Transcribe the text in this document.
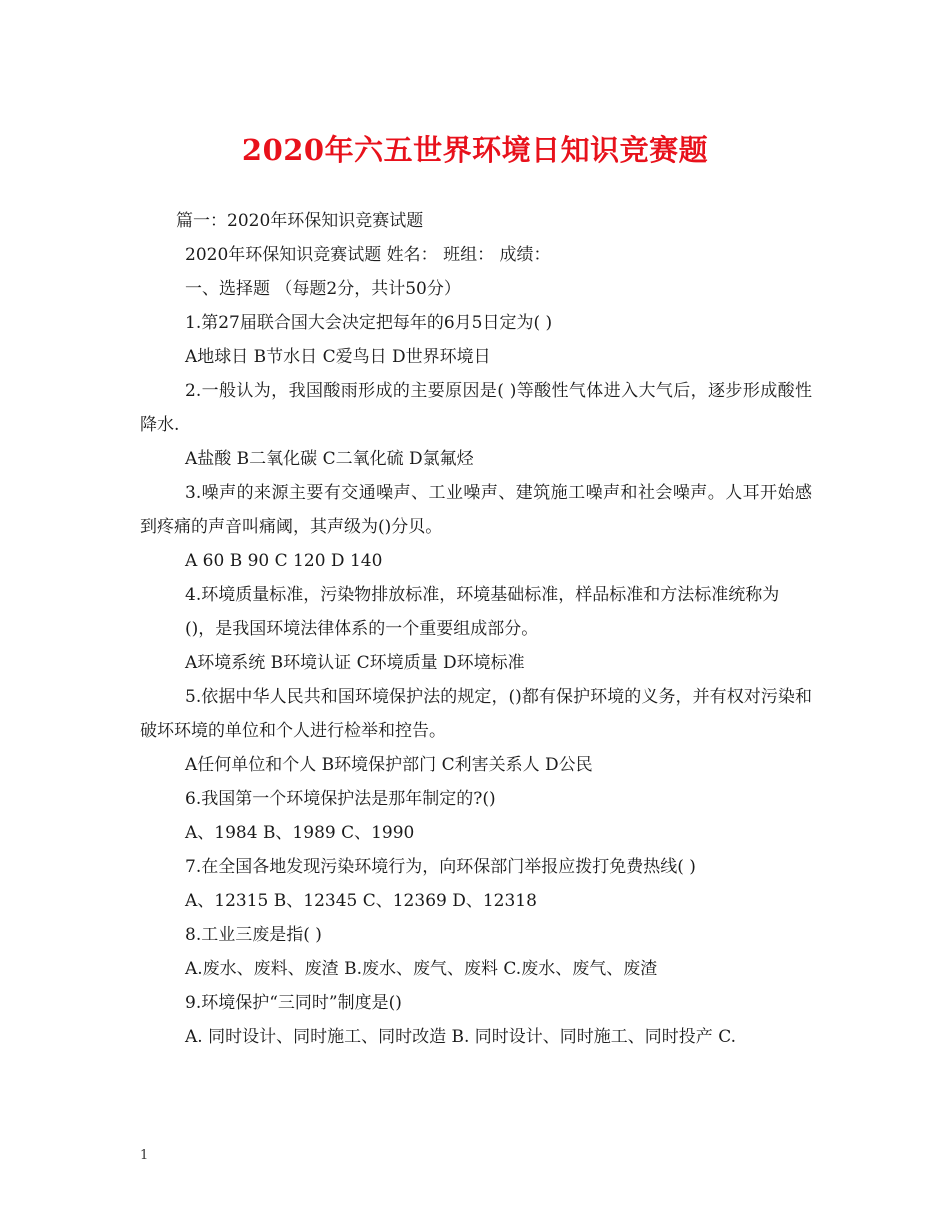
2020年六五世界环境日知识竞赛题
篇一：2020年环保知识竞赛试题
2020年环保知识竞赛试题 姓名： 班组： 成绩：
一、选择题 （每题2分，共计50分）
1.第27届联合国大会决定把每年的6月5日定为( )
A地球日 B节水日 C爱鸟日 D世界环境日
2.一般认为，我国酸雨形成的主要原因是( )等酸性气体进入大气后，逐步形成酸性降水.
A盐酸 B二氧化碳 C二氧化硫 D氯氟烃
3.噪声的来源主要有交通噪声、工业噪声、建筑施工噪声和社会噪声。人耳开始感到疼痛的声音叫痛阈，其声级为()分贝。
A 60 B 90 C 120 D 140
4.环境质量标准，污染物排放标准，环境基础标准，样品标准和方法标准统称为
()，是我国环境法律体系的一个重要组成部分。
A环境系统 B环境认证 C环境质量 D环境标准
5.依据中华人民共和国环境保护法的规定，()都有保护环境的义务，并有权对污染和破坏环境的单位和个人进行检举和控告。
A任何单位和个人 B环境保护部门 C利害关系人 D公民
6.我国第一个环境保护法是那年制定的?()
A、1984 B、1989 C、1990
7.在全国各地发现污染环境行为，向环保部门举报应拨打免费热线( )
A、12315 B、12345 C、12369 D、12318
8.工业三废是指( )
A.废水、废料、废渣 B.废水、废气、废料 C.废水、废气、废渣
9.环境保护“三同时”制度是()
A. 同时设计、同时施工、同时改造 B. 同时设计、同时施工、同时投产 C.
1
